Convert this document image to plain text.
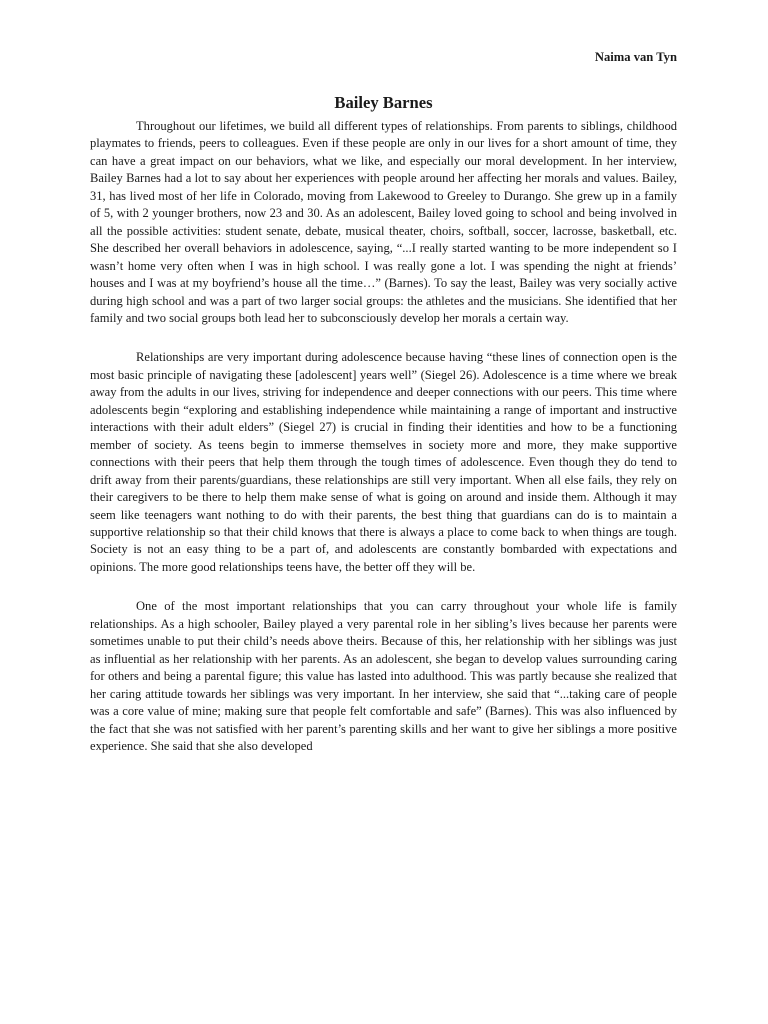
Naima van Tyn
Bailey Barnes

Throughout our lifetimes, we build all different types of relationships. From parents to siblings, childhood playmates to friends, peers to colleagues. Even if these people are only in our lives for a short amount of time, they can have a great impact on our behaviors, what we like, and especially our moral development. In her interview, Bailey Barnes had a lot to say about her experiences with people around her affecting her morals and values. Bailey, 31, has lived most of her life in Colorado, moving from Lakewood to Greeley to Durango. She grew up in a family of 5, with 2 younger brothers, now 23 and 30. As an adolescent, Bailey loved going to school and being involved in all the possible activities: student senate, debate, musical theater, choirs, softball, soccer, lacrosse, basketball, etc. She described her overall behaviors in adolescence, saying, “...I really started wanting to be more independent so I wasn’t home very often when I was in high school. I was really gone a lot. I was spending the night at friends’ houses and I was at my boyfriend’s house all the time…” (Barnes). To say the least, Bailey was very socially active during high school and was a part of two larger social groups: the athletes and the musicians. She identified that her family and two social groups both lead her to subconsciously develop her morals a certain way.

Relationships are very important during adolescence because having “these lines of connection open is the most basic principle of navigating these [adolescent] years well” (Siegel 26). Adolescence is a time where we break away from the adults in our lives, striving for independence and deeper connections with our peers. This time where adolescents begin “exploring and establishing independence while maintaining a range of important and instructive interactions with their adult elders” (Siegel 27) is crucial in finding their identities and how to be a functioning member of society. As teens begin to immerse themselves in society more and more, they make supportive connections with their peers that help them through the tough times of adolescence. Even though they do tend to drift away from their parents/guardians, these relationships are still very important. When all else fails, they rely on their caregivers to be there to help them make sense of what is going on around and inside them. Although it may seem like teenagers want nothing to do with their parents, the best thing that guardians can do is to maintain a supportive relationship so that their child knows that there is always a place to come back to when things are tough. Society is not an easy thing to be a part of, and adolescents are constantly bombarded with expectations and opinions. The more good relationships teens have, the better off they will be.

One of the most important relationships that you can carry throughout your whole life is family relationships. As a high schooler, Bailey played a very parental role in her sibling’s lives because her parents were sometimes unable to put their child’s needs above theirs. Because of this, her relationship with her siblings was just as influential as her relationship with her parents. As an adolescent, she began to develop values surrounding caring for others and being a parental figure; this value has lasted into adulthood. This was partly because she realized that her caring attitude towards her siblings was very important. In her interview, she said that “...taking care of people was a core value of mine; making sure that people felt comfortable and safe” (Barnes). This was also influenced by the fact that she was not satisfied with her parent’s parenting skills and her want to give her siblings a more positive experience. She said that she also developed
